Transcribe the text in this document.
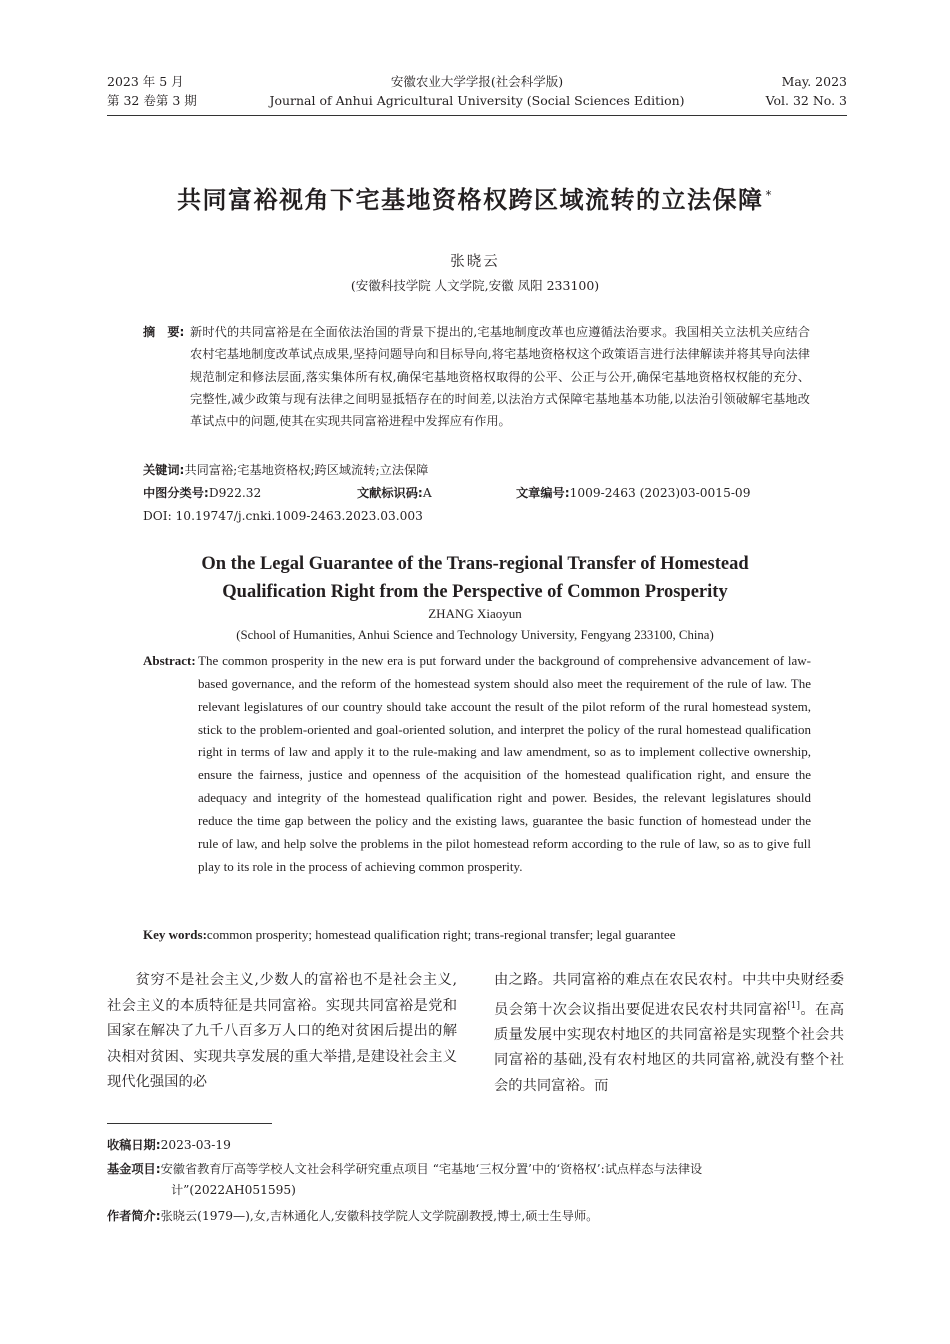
2023 年 5 月
第 32 卷第 3 期
安徽农业大学学报(社会科学版)
Journal of Anhui Agricultural University (Social Sciences Edition)
May. 2023
Vol. 32 No. 3
共同富裕视角下宅基地资格权跨区域流转的立法保障 *
张晓云
(安徽科技学院 人文学院,安徽 凤阳 233100)
摘　要: 新时代的共同富裕是在全面依法治国的背景下提出的,宅基地制度改革也应遵循法治要求。我国相关立法机关应结合农村宅基地制度改革试点成果,坚持问题导向和目标导向,将宅基地资格权这个政策语言进行法律解读并将其导向法律规范制定和修法层面,落实集体所有权,确保宅基地资格权取得的公平、公正与公开,确保宅基地资格权权能的充分、完整性,减少政策与现有法律之间明显抵牾存在的时间差,以法治方式保障宅基地基本功能,以法治引领破解宅基地改革试点中的问题,使其在实现共同富裕进程中发挥应有作用。
关键词:共同富裕;宅基地资格权;跨区域流转;立法保障
中图分类号:D922.32	文献标识码:A	文章编号:1009-2463 (2023)03-0015-09
DOI: 10.19747/j.cnki.1009-2463.2023.03.003
On the Legal Guarantee of the Trans-regional Transfer of Homestead
Qualification Right from the Perspective of Common Prosperity
ZHANG Xiaoyun
(School of Humanities, Anhui Science and Technology University, Fengyang 233100, China)
Abstract: The common prosperity in the new era is put forward under the background of comprehensive advancement of law-based governance, and the reform of the homestead system should also meet the requirement of the rule of law. The relevant legislatures of our country should take account the result of the pilot reform of the rural homestead system, stick to the problem-oriented and goal-oriented solution, and interpret the policy of the rural homestead qualification right in terms of law and apply it to the rule-making and law amendment, so as to implement collective ownership, ensure the fairness, justice and openness of the acquisition of the homestead qualification right, and ensure the adequacy and integrity of the homestead qualification right and power. Besides, the relevant legislatures should reduce the time gap between the policy and the existing laws, guarantee the basic function of homestead under the rule of law, and help solve the problems in the pilot homestead reform according to the rule of law, so as to give full play to its role in the process of achieving common prosperity.
Key words:common prosperity; homestead qualification right; trans-regional transfer; legal guarantee

贫穷不是社会主义,少数人的富裕也不是社会主义,社会主义的本质特征是共同富裕。实现共同富裕是党和国家在解决了九千八百多万人口的绝对贫困后提出的解决相对贫困、实现共享发展的重大举措,是建设社会主义现代化强国的必

由之路。共同富裕的难点在农民农村。中共中央财经委员会第十次会议指出要促进农民农村共同富裕[1]。在高质量发展中实现农村地区的共同富裕是实现整个社会共同富裕的基础,没有农村地区的共同富裕,就没有整个社会的共同富裕。而

收稿日期:2023-03-19
基金项目:安徽省教育厅高等学校人文社会科学研究重点项目 “宅基地‘三权分置’中的‘资格权’:试点样态与法律设
计”(2022AH051595)
作者简介:张晓云(1979—),女,吉林通化人,安徽科技学院人文学院副教授,博士,硕士生导师。
